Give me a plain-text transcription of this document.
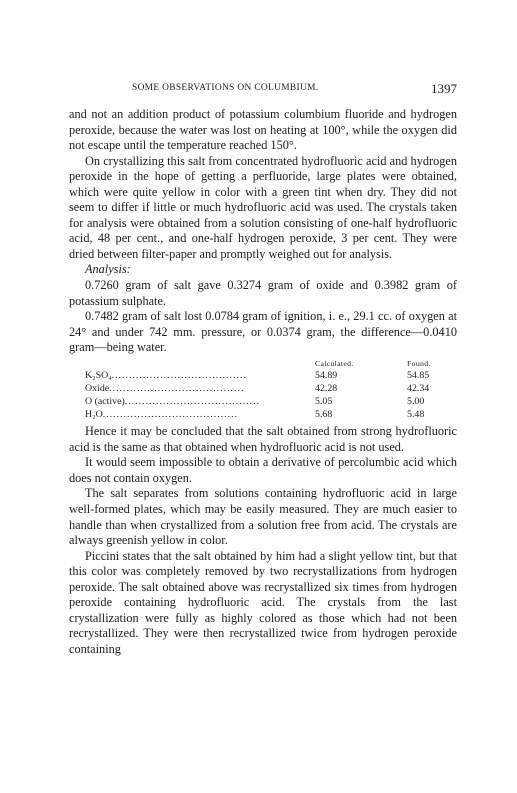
SOME OBSERVATIONS ON COLUMBIUM.	1397

and not an addition product of potassium columbium fluoride and hydrogen peroxide, because the water was lost on heating at 100°, while the oxygen did not escape until the temperature reached 150°.

On crystallizing this salt from concentrated hydrofluoric acid and hydrogen peroxide in the hope of getting a perfluoride, large plates were obtained, which were quite yellow in color with a green tint when dry. They did not seem to differ if little or much hydrofluoric acid was used. The crystals taken for analysis were obtained from a solution consisting of one-half hydrofluoric acid, 48 per cent., and one-half hydrogen peroxide, 3 per cent. They were dried between filter-paper and promptly weighed out for analysis.

Analysis:

0.7260 gram of salt gave 0.3274 gram of oxide and 0.3982 gram of potassium sulphate.

0.7482 gram of salt lost 0.0784 gram of ignition, i. e., 29.1 cc. of oxygen at 24° and under 742 mm. pressure, or 0.0374 gram, the difference—0.0410 gram—being water.

	Calculated.	Found.
K₂SO₄.......................................	54.89	54.85
Oxide.......................................	42.28	42.34
O (active).......................................	5.05	5.00
H₂O.......................................	5.68	5.48

Hence it may be concluded that the salt obtained from strong hydrofluoric acid is the same as that obtained when hydrofluoric acid is not used.

It would seem impossible to obtain a derivative of percolumbic acid which does not contain oxygen.

The salt separates from solutions containing hydrofluoric acid in large well-formed plates, which may be easily measured. They are much easier to handle than when crystallized from a solution free from acid. The crystals are always greenish yellow in color.

Piccini states that the salt obtained by him had a slight yellow tint, but that this color was completely removed by two recrystallizations from hydrogen peroxide. The salt obtained above was recrystallized six times from hydrogen peroxide containing hydrofluoric acid. The crystals from the last crystallization were fully as highly colored as those which had not been recrystallized. They were then recrystallized twice from hydrogen peroxide containing
